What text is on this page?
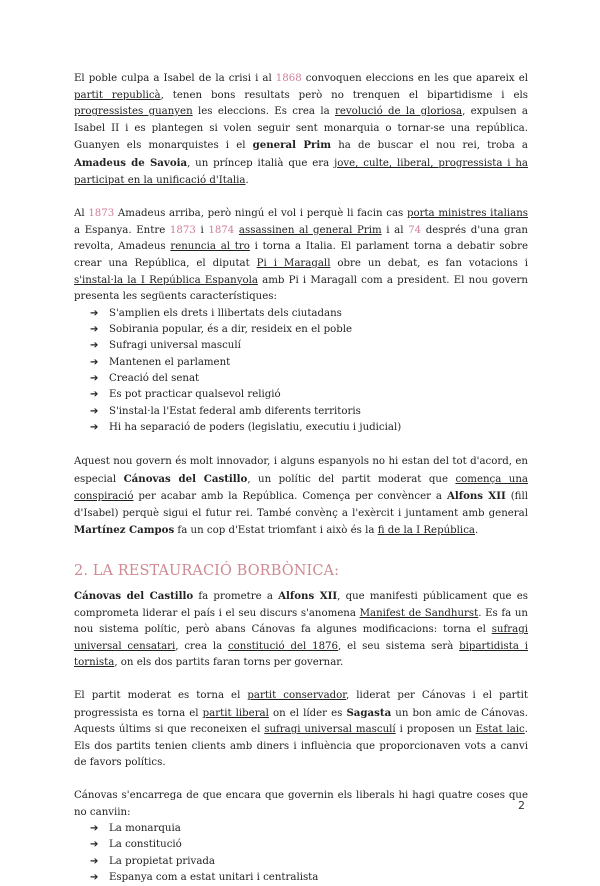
El poble culpa a Isabel de la crisi i al 1868 convoquen eleccions en les que apareix el partit republicà, tenen bons resultats però no trenquen el bipartidisme i els progressistes guanyen les eleccions. Es crea la revolució de la gloriosa, expulsen a Isabel II i es plantegen si volen seguir sent monarquia o tornar-se una república. Guanyen els monarquistes i el general Prim ha de buscar el nou rei, troba a Amadeus de Savoia, un príncep italià que era jove, culte, liberal, progressista i ha participat en la unificació d'Italia.

Al 1873 Amadeus arriba, però ningú el vol i perquè li facin cas porta ministres italians a Espanya. Entre 1873 i 1874 assassinen al general Prim i al 74 després d'una gran revolta, Amadeus renuncia al tro i torna a Italia. El parlament torna a debatir sobre crear una República, el diputat Pi i Maragall obre un debat, es fan votacions i s'instal·la la I República Espanyola amb Pi i Maragall com a president. El nou govern presenta les següents característiques:

➔ S'amplien els drets i llibertats dels ciutadans
➔ Sobirania popular, és a dir, resideix en el poble
➔ Sufragi universal masculí
➔ Mantenen el parlament
➔ Creació del senat
➔ Es pot practicar qualsevol religió
➔ S'instal·la l'Estat federal amb diferents territoris
➔ Hi ha separació de poders (legislatiu, executiu i judicial)

Aquest nou govern és molt innovador, i alguns espanyols no hi estan del tot d'acord, en especial Cánovas del Castillo, un polític del partit moderat que comença una conspiració per acabar amb la República. Comença per convèncer a Alfons XII (fill d'Isabel) perquè sigui el futur rei. També convènç a l'exèrcit i juntament amb general Martínez Campos fa un cop d'Estat triomfant i això és la fi de la I República.

2. LA RESTAURACIÓ BORBÒNICA:

Cánovas del Castillo fa prometre a Alfons XII, que manifesti públicament que es comprometa liderar el país i el seu discurs s'anomena Manifest de Sandhurst. Es fa un nou sistema polític, però abans Cánovas fa algunes modificacions: torna el sufragi universal censatari, crea la constitució del 1876, el seu sistema serà bipartidista i tornista, on els dos partits faran torns per governar.

El partit moderat es torna el partit conservador, liderat per Cánovas i el partit progressista es torna el partit liberal on el líder es Sagasta un bon amic de Cánovas. Aquests últims si que reconeixen el sufragi universal masculí i proposen un Estat laic. Els dos partits tenien clients amb diners i influència que proporcionaven vots a canvi de favors polítics.

Cánovas s'encarrega de que encara que governin els liberals hi hagi quatre coses que no canviin:

➔ La monarquia
➔ La constitució
➔ La propietat privada
➔ Espanya com a estat unitari i centralista
2
